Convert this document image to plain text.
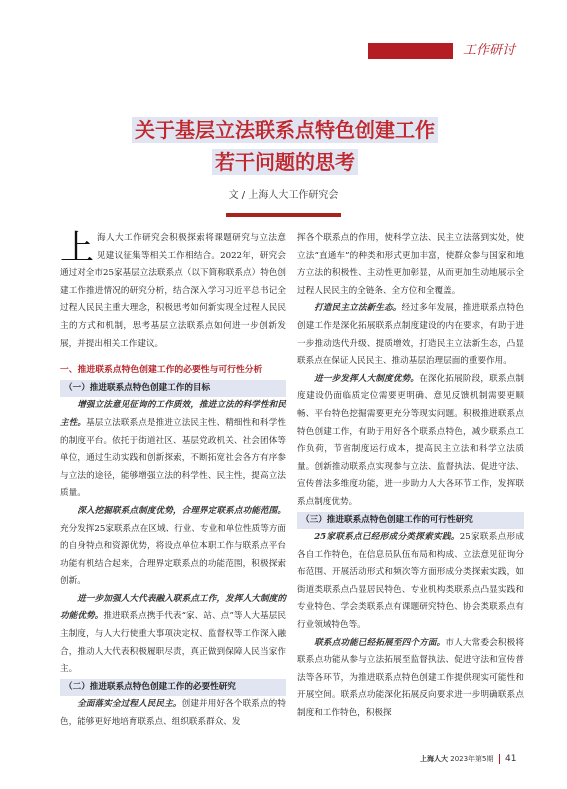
工作研讨
关于基层立法联系点特色创建工作
若干问题的思考
文 / 上海人大工作研究会

上海人大工作研究会积极探索将课题研究与立法意见建议征集等相关工作相结合。2022年，研究会通过对全市25家基层立法联系点（以下简称联系点）特色创建工作推进情况的研究分析，结合深入学习习近平总书记全过程人民民主重大理念，积极思考如何新实现全过程人民民主的方式和机制，思考基层立法联系点如何进一步创新发展，并提出相关工作建议。

一、推进联系点特色创建工作的必要性与可行性分析

（一）推进联系点特色创建工作的目标

增强立法意见征询的工作质效，推进立法的科学性和民主性。基层立法联系点是推进立法民主性、精细性和科学性的制度平台。依托于街道社区、基层党政机关、社会团体等单位，通过生动实践和创新探索，不断拓宽社会各方有序参与立法的途径，能够增强立法的科学性、民主性，提高立法质量。

深入挖掘联系点制度优势，合理界定联系点功能范围。充分发挥25家联系点在区域、行业、专业和单位性质等方面的自身特点和资源优势，将设点单位本职工作与联系点平台功能有机结合起来，合理界定联系点的功能范围，积极探索创新。

进一步加强人大代表融入联系点工作，发挥人大制度的功能优势。推进联系点携手代表“家、站、点”等人大基层民主制度，与人大行使重大事项决定权、监督权等工作深入融合，推动人大代表积极履职尽责，真正做到保障人民当家作主。

（二）推进联系点特色创建工作的必要性研究

全面落实全过程人民民主。创建并用好各个联系点的特色，能够更好地培育联系点、组织联系群众、发

挥各个联系点的作用，使科学立法、民主立法落到实处，使立法“直通车”的种类和形式更加丰富，使群众参与国家和地方立法的积极性、主动性更加彰显，从而更加生动地展示全过程人民民主的全链条、全方位和全覆盖。

打造民主立法新生态。经过多年发展，推进联系点特色创建工作是深化拓展联系点制度建设的内在要求，有助于进一步推动迭代升级、提质增效，打造民主立法新生态，凸显联系点在保证人民民主、推动基层治理层面的重要作用。

进一步发挥人大制度优势。在深化拓展阶段，联系点制度建设仍面临质定位需要更明确、意见反馈机制需要更顺畅、平台特色挖掘需要更充分等现实问题。积极推进联系点特色创建工作，有助于用好各个联系点特色，减少联系点工作负荷，节省制度运行成本，提高民主立法和科学立法质量。创新推动联系点实现参与立法、监督执法、促进守法、宣传普法多维度功能，进一步助力人大各环节工作，发挥联系点制度优势。

（三）推进联系点特色创建工作的可行性研究

25家联系点已经形成分类探索实践。25家联系点形成各自工作特色，在信息员队伍布局和构成、立法意见征询分布范围、开展活动形式和频次等方面形成分类探索实践，如街道类联系点凸显居民特色、专业机构类联系点凸显实践和专业特色、学会类联系点有课题研究特色、协会类联系点有行业领域特色等。

联系点功能已经拓展至四个方面。市人大常委会积极将联系点功能从参与立法拓展至监督执法、促进守法和宣传普法等各环节，为推进联系点特色创建工作提供现实可能性和开展空间。联系点功能深化拓展反向要求进一步明确联系点制度和工作特色，积极探

上海人大 2023年第5期 41
